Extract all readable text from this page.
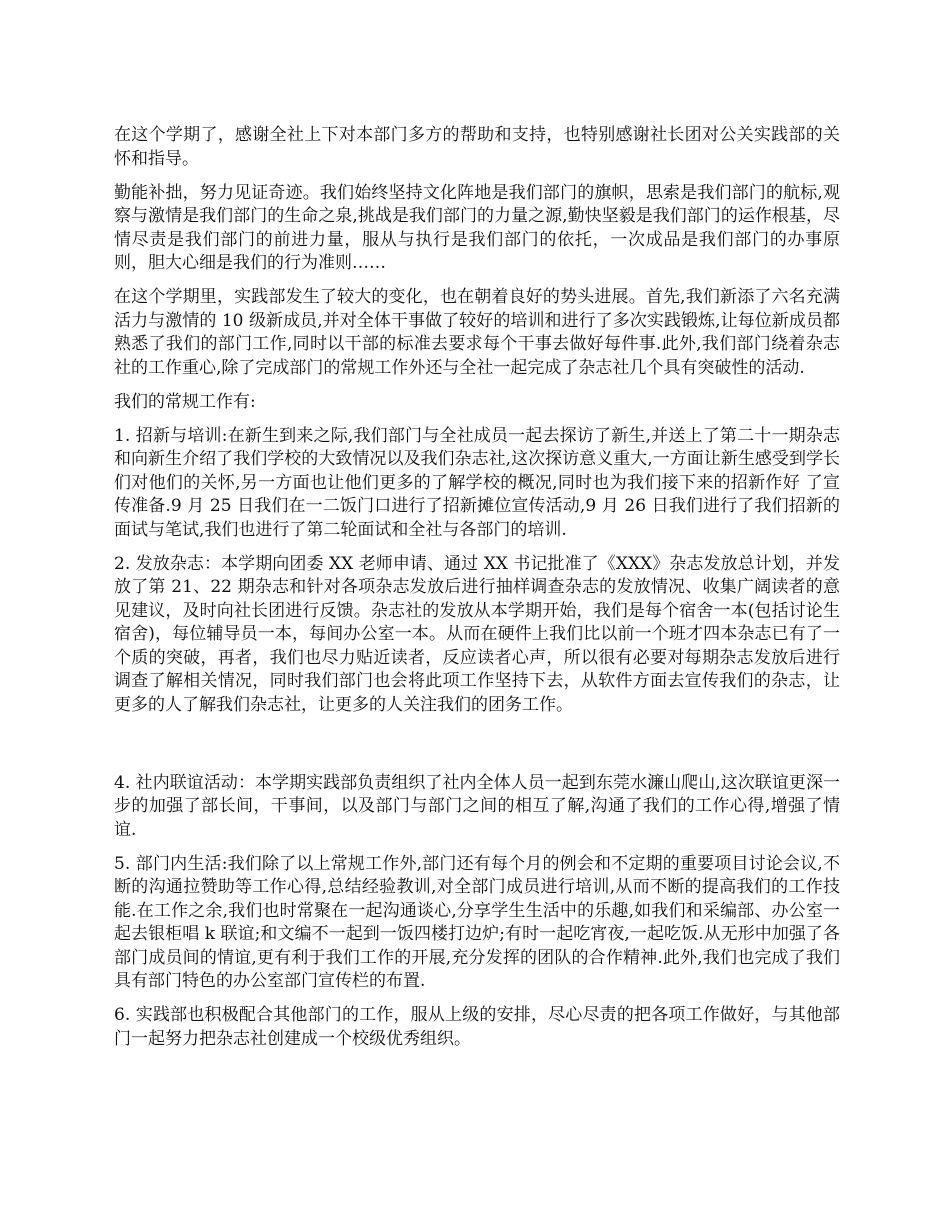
在这个学期了，感谢全社上下对本部门多方的帮助和支持，也特别感谢社长团对公关实践部的关怀和指导。

勤能补拙，努力见证奇迹。我们始终坚持文化阵地是我们部门的旗帜，思索是我们部门的航标,观察与激情是我们部门的生命之泉,挑战是我们部门的力量之源,勤快坚毅是我们部门的运作根基，尽情尽责是我们部门的前进力量，服从与执行是我们部门的依托，一次成品是我们部门的办事原则，胆大心细是我们的行为准则……

在这个学期里，实践部发生了较大的变化，也在朝着良好的势头进展。首先,我们新添了六名充满活力与激情的 10 级新成员,并对全体干事做了较好的培训和进行了多次实践锻炼,让每位新成员都熟悉了我们的部门工作,同时以干部的标准去要求每个干事去做好每件事.此外,我们部门绕着杂志社的工作重心,除了完成部门的常规工作外还与全社一起完成了杂志社几个具有突破性的活动.

我们的常规工作有:

1. 招新与培训:在新生到来之际,我们部门与全社成员一起去探访了新生,并送上了第二十一期杂志和向新生介绍了我们学校的大致情况以及我们杂志社,这次探访意义重大,一方面让新生感受到学长们对他们的关怀,另一方面也让他们更多的了解学校的概况,同时也为我们接下来的招新作好 了宣传准备.9 月 25 日我们在一二饭门口进行了招新摊位宣传活动,9 月 26 日我们进行了我们招新的面试与笔试,我们也进行了第二轮面试和全社与各部门的培训.

2. 发放杂志：本学期向团委 XX 老师申请、通过 XX 书记批准了《XXX》杂志发放总计划，并发放了第 21、22 期杂志和针对各项杂志发放后进行抽样调查杂志的发放情况、收集广阔读者的意见建议，及时向社长团进行反馈。杂志社的发放从本学期开始，我们是每个宿舍一本(包括讨论生宿舍)，每位辅导员一本，每间办公室一本。从而在硬件上我们比以前一个班才四本杂志已有了一个质的突破，再者，我们也尽力贴近读者，反应读者心声，所以很有必要对每期杂志发放后进行调查了解相关情况，同时我们部门也会将此项工作坚持下去，从软件方面去宣传我们的杂志，让更多的人了解我们杂志社，让更多的人关注我们的团务工作。

4. 社内联谊活动：本学期实践部负责组织了社内全体人员一起到东莞水濂山爬山,这次联谊更深一步的加强了部长间，干事间，以及部门与部门之间的相互了解,沟通了我们的工作心得,增强了情谊.

5. 部门内生活:我们除了以上常规工作外,部门还有每个月的例会和不定期的重要项目讨论会议,不断的沟通拉赞助等工作心得,总结经验教训,对全部门成员进行培训,从而不断的提高我们的工作技能.在工作之余,我们也时常聚在一起沟通谈心,分享学生生活中的乐趣,如我们和采编部、办公室一起去银柜唱 k 联谊;和文编不一起到一饭四楼打边炉;有时一起吃宵夜,一起吃饭.从无形中加强了各部门成员间的情谊,更有利于我们工作的开展,充分发挥的团队的合作精神.此外,我们也完成了我们具有部门特色的办公室部门宣传栏的布置.

6. 实践部也积极配合其他部门的工作，服从上级的安排，尽心尽责的把各项工作做好，与其他部门一起努力把杂志社创建成一个校级优秀组织。
